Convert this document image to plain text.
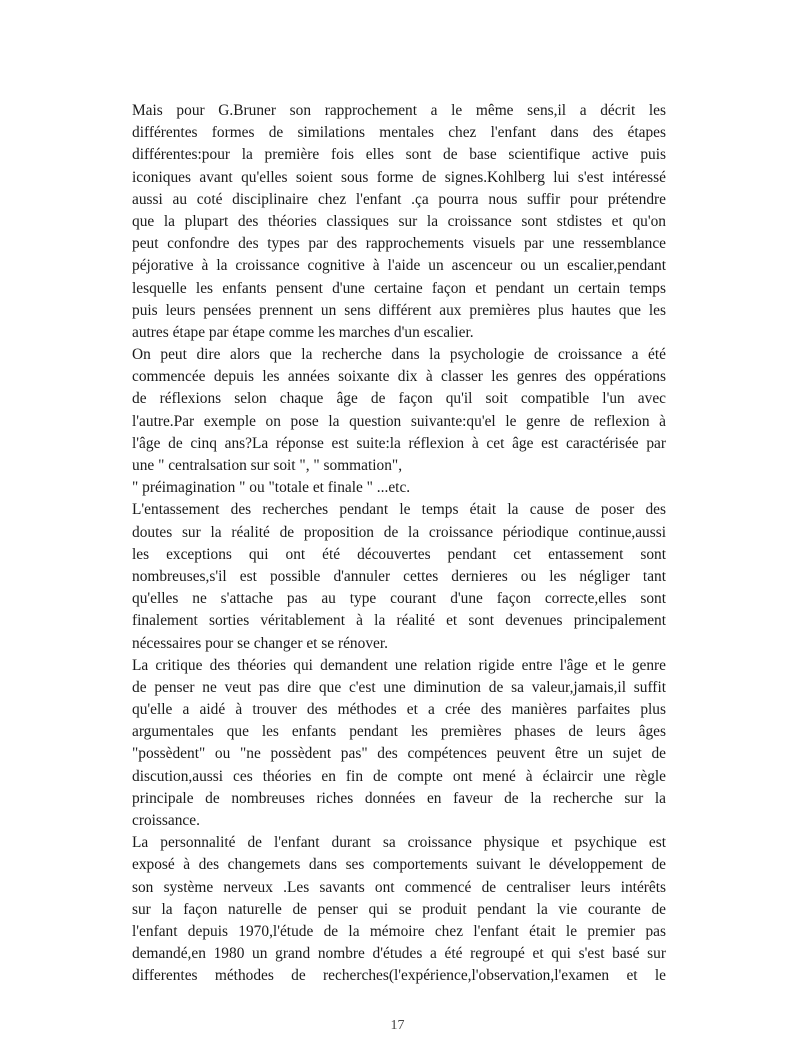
Mais pour G.Bruner son rapprochement a le même sens,il a décrit les
différentes formes de similations mentales chez l'enfant dans des étapes
différentes:pour la première fois elles sont de base scientifique active puis
iconiques avant qu'elles soient sous forme de signes.Kohlberg lui s'est intéressé
aussi au coté disciplinaire chez l'enfant .ça pourra nous suffir pour prétendre
que la plupart des théories classiques sur la croissance sont stdistes et qu'on
peut confondre des types par des rapprochements visuels par une ressemblance
péjorative à la croissance cognitive à l'aide un ascenceur ou un escalier,pendant
lesquelle les enfants pensent d'une certaine façon et pendant un certain temps
puis leurs pensées prennent un sens différent aux premières plus hautes que les
autres étape par étape comme les marches d'un escalier.
On peut dire alors que la recherche dans la psychologie de croissance a été
commencée depuis les années soixante dix à classer les genres des oppérations
de réflexions selon chaque âge de façon qu'il soit compatible l'un avec
l'autre.Par exemple on pose la question suivante:qu'el le genre de reflexion à
l'âge de cinq ans?La réponse est suite:la réflexion à cet âge est caractérisée par
une " centralsation sur soit ", " sommation",
" préimagination " ou "totale et finale " ...etc.
L'entassement des recherches pendant le temps était la cause de poser des
doutes sur la réalité de proposition de la croissance périodique continue,aussi
les exceptions qui ont été découvertes pendant cet entassement sont
nombreuses,s'il est possible d'annuler cettes dernieres ou les négliger tant
qu'elles ne s'attache pas au type courant d'une façon correcte,elles sont
finalement sorties véritablement à la réalité et sont devenues principalement
nécessaires pour se changer et se rénover.
La critique des théories qui demandent une relation rigide entre l'âge et le genre
de penser ne veut pas dire que c'est une diminution de sa valeur,jamais,il suffit
qu'elle a aidé à trouver des méthodes et a crée des manières parfaites plus
argumentales que les enfants pendant les premières phases de leurs âges
"possèdent" ou "ne possèdent pas" des compétences peuvent être un sujet de
discution,aussi ces théories en fin de compte ont mené à éclaircir une règle
principale de nombreuses riches données en faveur de la recherche sur la
croissance.
La personnalité de l'enfant durant sa croissance physique et psychique est
exposé à des changemets dans ses comportements suivant le développement de
son système nerveux .Les savants ont commencé de centraliser leurs intérêts
sur la façon naturelle de penser qui se produit pendant la vie courante de
l'enfant depuis 1970,l'étude de la mémoire chez l'enfant était le premier pas
demandé,en 1980 un grand nombre d'études a été regroupé et qui s'est basé sur
differentes méthodes de recherches(l'expérience,l'observation,l'examen et le
17
